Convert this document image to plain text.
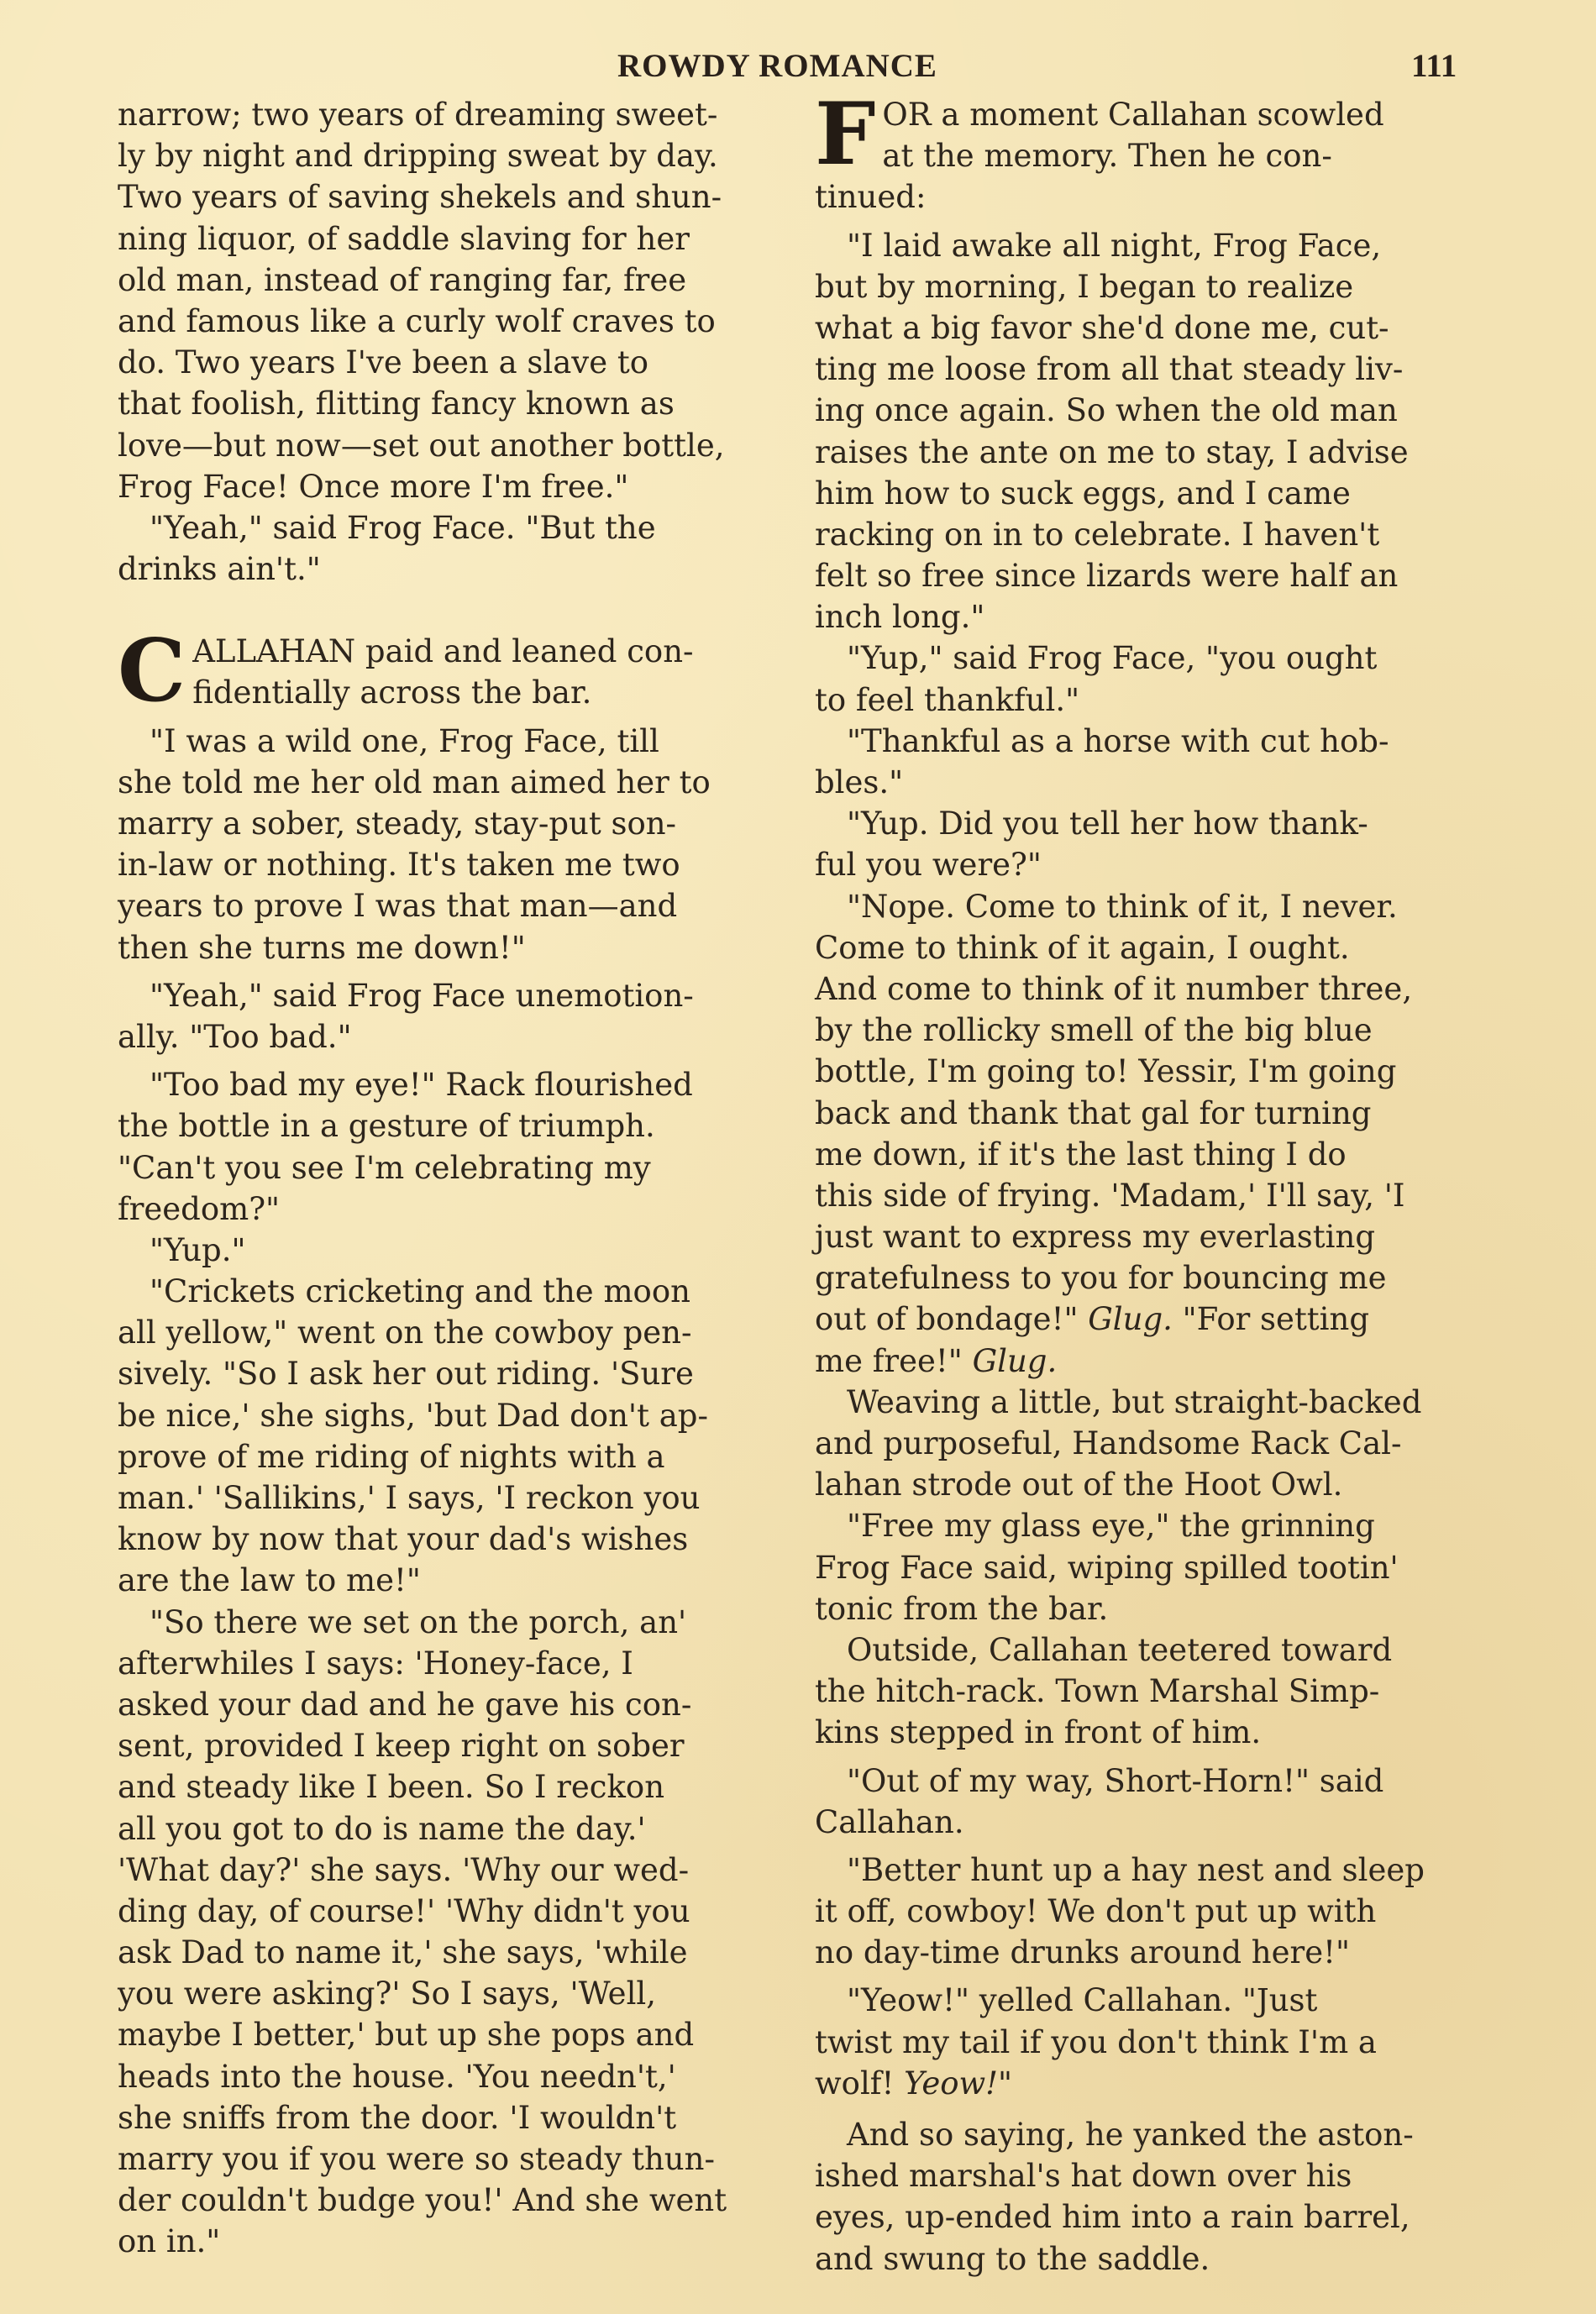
ROWDY ROMANCE	111
narrow; two years of dreaming sweet-
ly by night and dripping sweat by day.
Two years of saving shekels and shun-
ning liquor, of saddle slaving for her
old man, instead of ranging far, free
and famous like a curly wolf craves to
do. Two years I've been a slave to
that foolish, flitting fancy known as
love—but now—set out another bottle,
Frog Face! Once more I'm free."
"Yeah," said Frog Face. "But the
drinks ain't."
C ALLAHAN paid and leaned con-
fidentially across the bar.
"I was a wild one, Frog Face, till
she told me her old man aimed her to
marry a sober, steady, stay-put son-
in-law or nothing. It's taken me two
years to prove I was that man—and
then she turns me down!"
"Yeah," said Frog Face unemotion-
ally. "Too bad."
"Too bad my eye!" Rack flourished
the bottle in a gesture of triumph.
"Can't you see I'm celebrating my
freedom?"
"Yup."
"Crickets cricketing and the moon
all yellow," went on the cowboy pen-
sively. "So I ask her out riding. 'Sure
be nice,' she sighs, 'but Dad don't ap-
prove of me riding of nights with a
man.' 'Sallikins,' I says, 'I reckon you
know by now that your dad's wishes
are the law to me!"
"So there we set on the porch, an'
afterwhiles I says: 'Honey-face, I
asked your dad and he gave his con-
sent, provided I keep right on sober
and steady like I been. So I reckon
all you got to do is name the day.'
'What day?' she says. 'Why our wed-
ding day, of course!' 'Why didn't you
ask Dad to name it,' she says, 'while
you were asking?' So I says, 'Well,
maybe I better,' but up she pops and
heads into the house. 'You needn't,'
she sniffs from the door. 'I wouldn't
marry you if you were so steady thun-
der couldn't budge you!' And she went
on in."
F OR a moment Callahan scowled
at the memory. Then he con-
tinued:
"I laid awake all night, Frog Face,
but by morning, I began to realize
what a big favor she'd done me, cut-
ting me loose from all that steady liv-
ing once again. So when the old man
raises the ante on me to stay, I advise
him how to suck eggs, and I came
racking on in to celebrate. I haven't
felt so free since lizards were half an
inch long."
"Yup," said Frog Face, "you ought
to feel thankful."
"Thankful as a horse with cut hob-
bles."
"Yup. Did you tell her how thank-
ful you were?"
"Nope. Come to think of it, I never.
Come to think of it again, I ought.
And come to think of it number three,
by the rollicky smell of the big blue
bottle, I'm going to! Yessir, I'm going
back and thank that gal for turning
me down, if it's the last thing I do
this side of frying. 'Madam,' I'll say, 'I
just want to express my everlasting
gratefulness to you for bouncing me
out of bondage!" Glug. "For setting
me free!" Glug.
Weaving a little, but straight-backed
and purposeful, Handsome Rack Cal-
lahan strode out of the Hoot Owl.
"Free my glass eye," the grinning
Frog Face said, wiping spilled tootin'
tonic from the bar.
Outside, Callahan teetered toward
the hitch-rack. Town Marshal Simp-
kins stepped in front of him.
"Out of my way, Short-Horn!" said
Callahan.
"Better hunt up a hay nest and sleep
it off, cowboy! We don't put up with
no day-time drunks around here!"
"Yeow!" yelled Callahan. "Just
twist my tail if you don't think I'm a
wolf! Yeow!"
And so saying, he yanked the aston-
ished marshal's hat down over his
eyes, up-ended him into a rain barrel,
and swung to the saddle.
